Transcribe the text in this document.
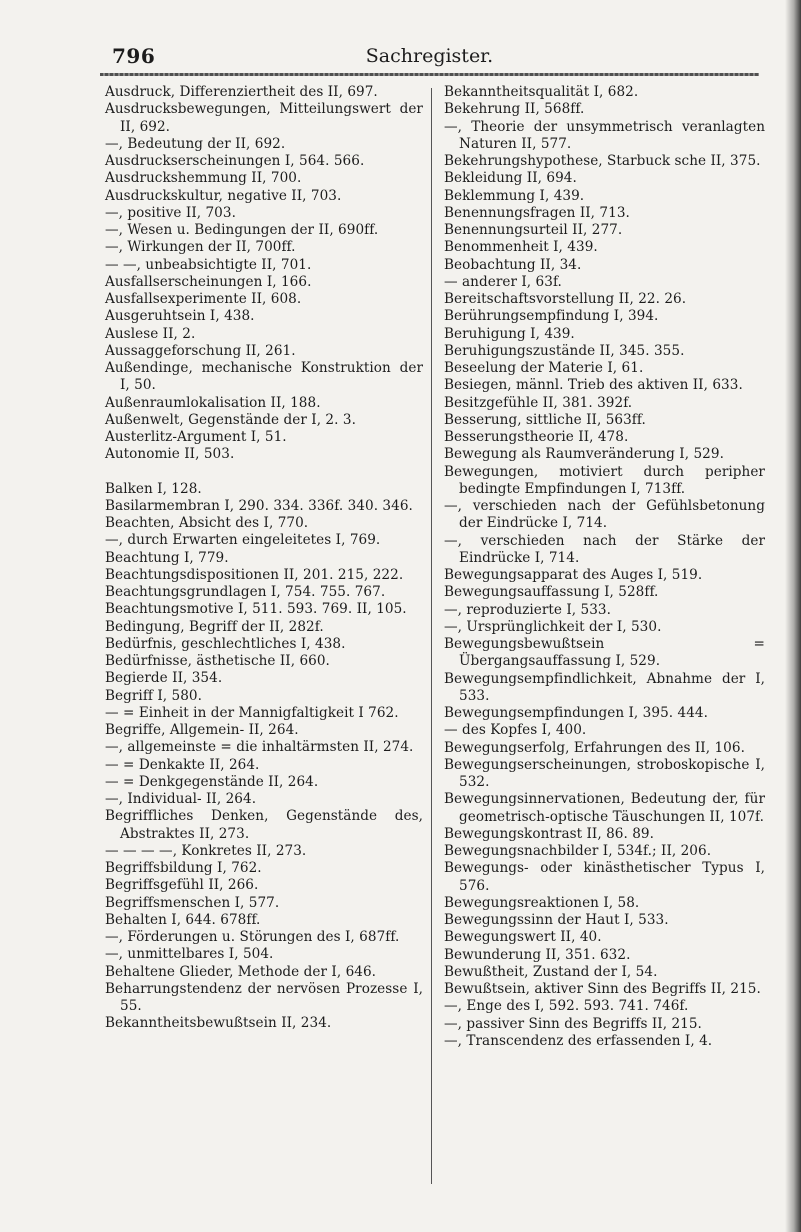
796	Sachregister.
Ausdruck, Differenziertheit des II, 697.
Ausdrucksbewegungen, Mitteilungswert der II, 692.
—, Bedeutung der II, 692.
Ausdruckserscheinungen I, 564. 566.
Ausdruckshemmung II, 700.
Ausdruckskultur, negative II, 703.
—, positive II, 703.
—, Wesen u. Bedingungen der II, 690ff.
—, Wirkungen der II, 700ff.
— —, unbeabsichtigte II, 701.
Ausfallserscheinungen I, 166.
Ausfallsexperimente II, 608.
Ausgeruhtsein I, 438.
Auslese II, 2.
Aussaggeforschung II, 261.
Außendinge, mechanische Konstruktion der I, 50.
Außenraumlokalisation II, 188.
Außenwelt, Gegenstände der I, 2. 3.
Austerlitz-Argument I, 51.
Autonomie II, 503.
Balken I, 128.
Basilarmembran I, 290. 334. 336f. 340. 346.
Beachten, Absicht des I, 770.
—, durch Erwarten eingeleitetes I, 769.
Beachtung I, 779.
Beachtungsdispositionen II, 201. 215, 222.
Beachtungsgrundlagen I, 754. 755. 767.
Beachtungsmotive I, 511. 593. 769. II, 105.
Bedingung, Begriff der II, 282f.
Bedürfnis, geschlechtliches I, 438.
Bedürfnisse, ästhetische II, 660.
Begierde II, 354.
Begriff I, 580.
— = Einheit in der Mannigfaltigkeit I 762.
Begriffe, Allgemein- II, 264.
—, allgemeinste = die inhaltärmsten II, 274.
— = Denkakte II, 264.
— = Denkgegenstände II, 264.
—, Individual- II, 264.
Begriffliches Denken, Gegenstände des, Abstraktes II, 273.
— — — —, Konkretes II, 273.
Begriffsbildung I, 762.
Begriffsgefühl II, 266.
Begriffsmenschen I, 577.
Behalten I, 644. 678ff.
—, Förderungen u. Störungen des I, 687ff.
—, unmittelbares I, 504.
Behaltene Glieder, Methode der I, 646.
Beharrungstendenz der nervösen Prozesse I, 55.
Bekanntheitsbewußtsein II, 234.
Bekanntheitsqualität I, 682.
Bekehrung II, 568ff.
—, Theorie der unsymmetrisch veranlagten Naturen II, 577.
Bekehrungshypothese, Starbuck sche II, 375.
Bekleidung II, 694.
Beklemmung I, 439.
Benennungsfragen II, 713.
Benennungsurteil II, 277.
Benommenheit I, 439.
Beobachtung II, 34.
— anderer I, 63f.
Bereitschaftsvorstellung II, 22. 26.
Berührungsempfindung I, 394.
Beruhigung I, 439.
Beruhigungszustände II, 345. 355.
Beseelung der Materie I, 61.
Besiegen, männl. Trieb des aktiven II, 633.
Besitzgefühle II, 381. 392f.
Besserung, sittliche II, 563ff.
Besserungstheorie II, 478.
Bewegung als Raumveränderung I, 529.
Bewegungen, motiviert durch peripher bedingte Empfindungen I, 713ff.
—, verschieden nach der Gefühlsbetonung der Eindrücke I, 714.
—, verschieden nach der Stärke der Eindrücke I, 714.
Bewegungsapparat des Auges I, 519.
Bewegungsauffassung I, 528ff.
—, reproduzierte I, 533.
—, Ursprünglichkeit der I, 530.
Bewegungsbewußtsein = Übergangsauffassung I, 529.
Bewegungsempfindlichkeit, Abnahme der I, 533.
Bewegungsempfindungen I, 395. 444.
— des Kopfes I, 400.
Bewegungserfolg, Erfahrungen des II, 106.
Bewegungserscheinungen, stroboskopische I, 532.
Bewegungsinnervationen, Bedeutung der, für geometrisch-optische Täuschungen II, 107f.
Bewegungskontrast II, 86. 89.
Bewegungsnachbilder I, 534f.; II, 206.
Bewegungs- oder kinästhetischer Typus I, 576.
Bewegungsreaktionen I, 58.
Bewegungssinn der Haut I, 533.
Bewegungswert II, 40.
Bewunderung II, 351. 632.
Bewußtheit, Zustand der I, 54.
Bewußtsein, aktiver Sinn des Begriffs II, 215.
—, Enge des I, 592. 593. 741. 746f.
—, passiver Sinn des Begriffs II, 215.
—, Transcendenz des erfassenden I, 4.
